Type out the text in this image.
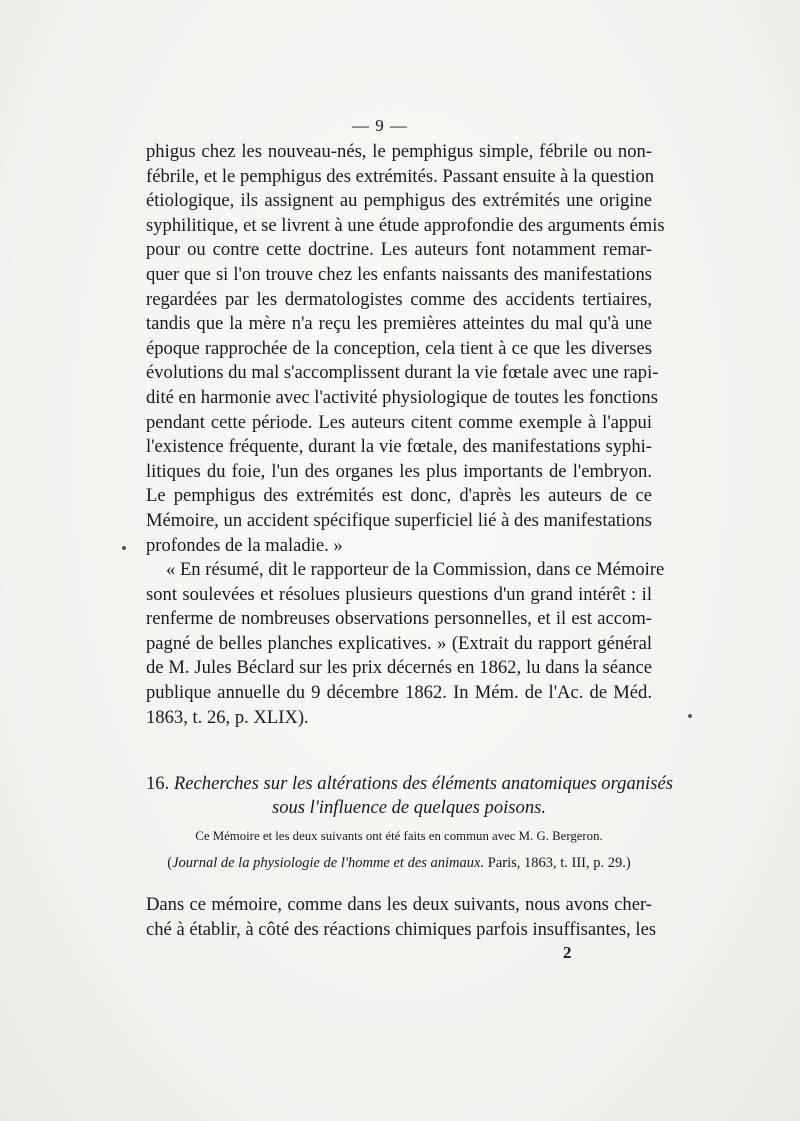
— 9 —
phigus chez les nouveau-nés, le pemphigus simple, fébrile ou non-
fébrile, et le pemphigus des extrémités. Passant ensuite à la question
étiologique, ils assignent au pemphigus des extrémités une origine
syphilitique, et se livrent à une étude approfondie des arguments émis
pour ou contre cette doctrine. Les auteurs font notamment remar-
quer que si l'on trouve chez les enfants naissants des manifestations
regardées par les dermatologistes comme des accidents tertiaires,
tandis que la mère n'a reçu les premières atteintes du mal qu'à une
époque rapprochée de la conception, cela tient à ce que les diverses
évolutions du mal s'accomplissent durant la vie fœtale avec une rapi-
dité en harmonie avec l'activité physiologique de toutes les fonctions
pendant cette période. Les auteurs citent comme exemple à l'appui
l'existence fréquente, durant la vie fœtale, des manifestations syphi-
litiques du foie, l'un des organes les plus importants de l'embryon.
Le pemphigus des extrémités est donc, d'après les auteurs de ce
Mémoire, un accident spécifique superficiel lié à des manifestations
profondes de la maladie. »
« En résumé, dit le rapporteur de la Commission, dans ce Mémoire
sont soulevées et résolues plusieurs questions d'un grand intérêt : il
renferme de nombreuses observations personnelles, et il est accom-
pagné de belles planches explicatives. » (Extrait du rapport général
de M. Jules Béclard sur les prix décernés en 1862, lu dans la séance
publique annuelle du 9 décembre 1862. In Mém. de l'Ac. de Méd.
1863, t. 26, p. XLIX).
16. Recherches sur les altérations des éléments anatomiques organisés
sous l'influence de quelques poisons.
Ce Mémoire et les deux suivants ont été faits en commun avec M. G. Bergeron.
(Journal de la physiologie de l'homme et des animaux. Paris, 1863, t. III, p. 29.)
Dans ce mémoire, comme dans les deux suivants, nous avons cher-
ché à établir, à côté des réactions chimiques parfois insuffisantes, les
2
